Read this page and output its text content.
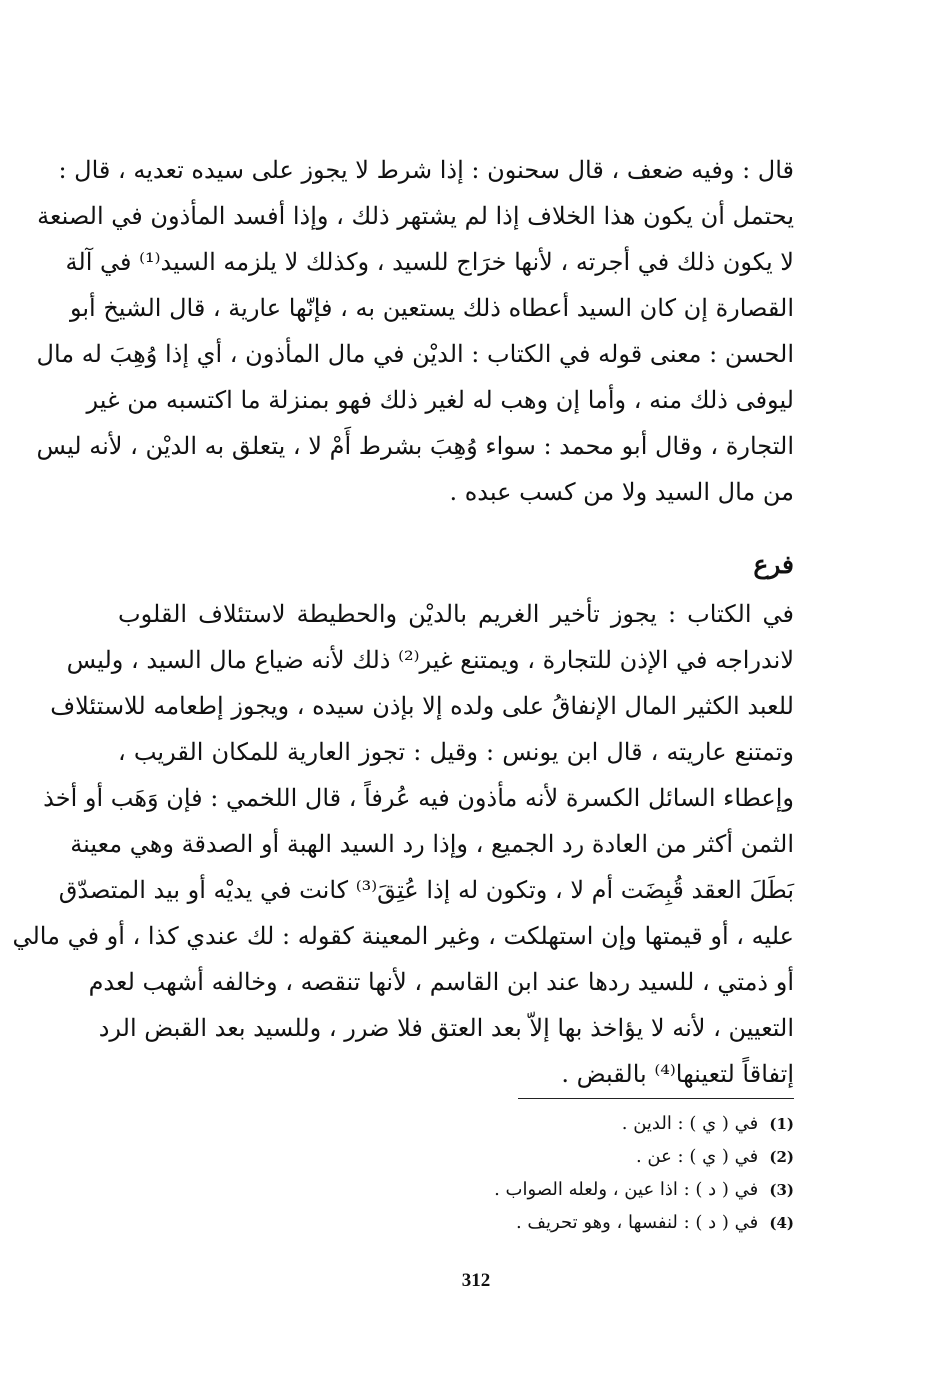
قال : وفيه ضعف ، قال سحنون : إذا شرط لا يجوز على سيده تعديه ، قال :
يحتمل أن يكون هذا الخلاف إذا لم يشتهر ذلك ، وإذا أفسد المأذون في الصنعة
لا يكون ذلك في أجرته ، لأنها خرَاج للسيد ، وكذلك لا يلزمه السيد⁽¹⁾ في آلة
القصارة إن كان السيد أعطاه ذلك يستعين به ، فإنّها عارية ، قال الشيخ أبو
الحسن : معنى قوله في الكتاب : الديْن في مال المأذون ، أي إذا وُهِبَ له مال
ليوفى ذلك منه ، وأما إن وهب له لغير ذلك فهو بمنزلة ما اكتسبه من غير
التجارة ، وقال أبو محمد : سواء وُهِبَ بشرط أَمْ لا ، يتعلق به الديْن ، لأنه ليس
من مال السيد ولا من كسب عبده .
فرع
في الكتاب : يجوز تأخير الغريم بالديْن والحطيطة لاستئلاف القلوب
لاندراجه في الإذن للتجارة ، ويمتنع غير⁽²⁾ ذلك لأنه ضياع مال السيد ، وليس
للعبد الكثير المال الإنفاقُ على ولده إلا بإذن سيده ، ويجوز إطعامه للاستئلاف
وتمتنع عاريته ، قال ابن يونس : وقيل : تجوز العارية للمكان القريب ،
وإعطاء السائل الكسرة لأنه مأذون فيه عُرفاً ، قال اللخمي : فإن وَهَب أو أخذ
الثمن أكثر من العادة رد الجميع ، وإذا رد السيد الهبة أو الصدقة وهي معينة
بَطَلَ العقد قُبِضَت أم لا ، وتكون له إذا عُتِقَ⁽³⁾ كانت في يديْه أو بيد المتصدّق
عليه ، أو قيمتها وإن استهلكت ، وغير المعينة كقوله : لك عندي كذا ، أو في مالي
أو ذمتي ، للسيد ردها عند ابن القاسم ، لأنها تنقصه ، وخالفه أشهب لعدم
التعيين ، لأنه لا يؤاخذ بها إلاّ بعد العتق فلا ضرر ، وللسيد بعد القبض الرد
إتفاقاً لتعينها⁽⁴⁾ بالقبض .
(1) في ( ي ) : الدين .
(2) في ( ي ) : عن .
(3) في ( د ) : اذا عين ، ولعله الصواب .
(4) في ( د ) : لنفسها ، وهو تحريف .
312
